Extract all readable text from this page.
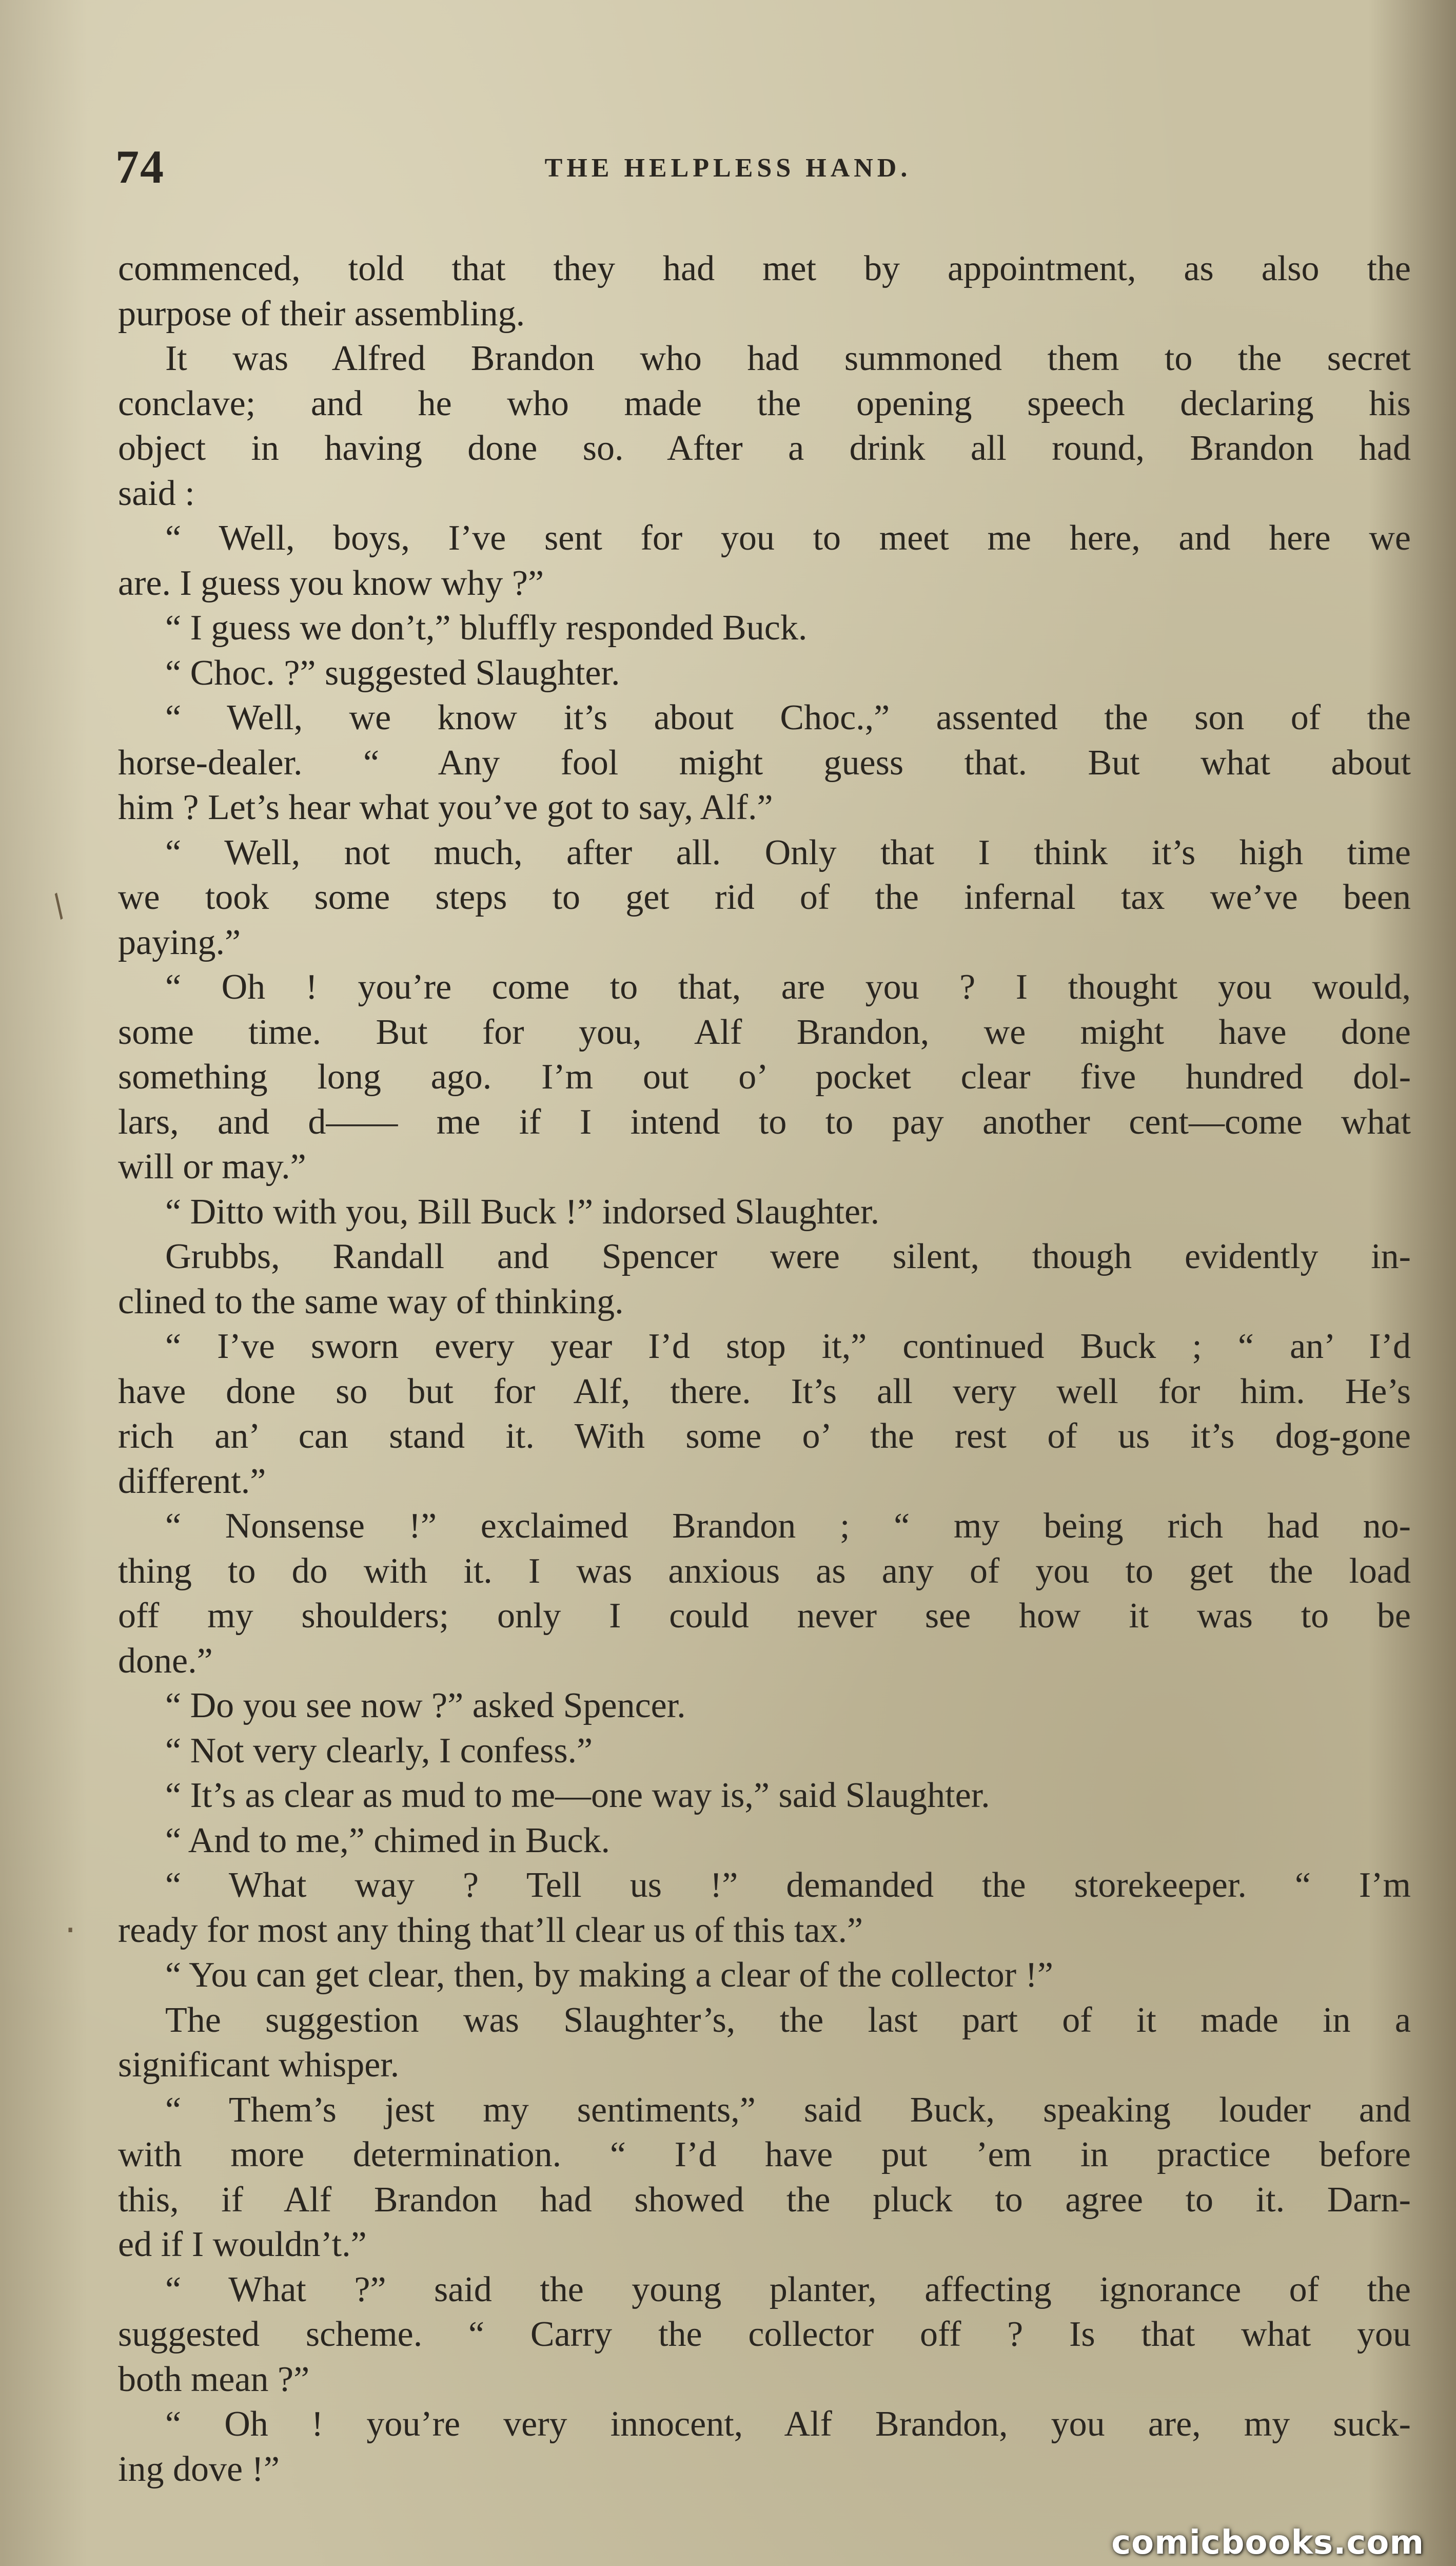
74	THE HELPLESS HAND.
commenced, told that they had met by appointment, as also the
purpose of their assembling.
It was Alfred Brandon who had summoned them to the secret
conclave; and he who made the opening speech declaring his
object in having done so. After a drink all round, Brandon had
said :
“ Well, boys, I’ve sent for you to meet me here, and here we
are. I guess you know why ?”
“ I guess we don’t,” bluffly responded Buck.
“ Choc. ?” suggested Slaughter.
“ Well, we know it’s about Choc.,” assented the son of the
horse-dealer. “ Any fool might guess that. But what about
him ? Let’s hear what you’ve got to say, Alf.”
“ Well, not much, after all. Only that I think it’s high time
we took some steps to get rid of the infernal tax we’ve been
paying.”
“ Oh ! you’re come to that, are you ? I thought you would,
some time. But for you, Alf Brandon, we might have done
something long ago. I’m out o’ pocket clear five hundred dol-
lars, and d—— me if I intend to to pay another cent—come what
will or may.”
“ Ditto with you, Bill Buck !” indorsed Slaughter.
Grubbs, Randall and Spencer were silent, though evidently in-
clined to the same way of thinking.
“ I’ve sworn every year I’d stop it,” continued Buck ; “ an’ I’d
have done so but for Alf, there. It’s all very well for him. He’s
rich an’ can stand it. With some o’ the rest of us it’s dog-gone
different.”
“ Nonsense !” exclaimed Brandon ; “ my being rich had no-
thing to do with it. I was anxious as any of you to get the load
off my shoulders; only I could never see how it was to be
done.”
“ Do you see now ?” asked Spencer.
“ Not very clearly, I confess.”
“ It’s as clear as mud to me—one way is,” said Slaughter.
“ And to me,” chimed in Buck.
“ What way ? Tell us !” demanded the storekeeper. “ I’m
ready for most any thing that’ll clear us of this tax.”
“ You can get clear, then, by making a clear of the collector !”
The suggestion was Slaughter’s, the last part of it made in a
significant whisper.
“ Them’s jest my sentiments,” said Buck, speaking louder and
with more determination. “ I’d have put ’em in practice before
this, if Alf Brandon had showed the pluck to agree to it. Darn-
ed if I wouldn’t.”
“ What ?” said the young planter, affecting ignorance of the
suggested scheme. “ Carry the collector off ? Is that what you
both mean ?”
“ Oh ! you’re very innocent, Alf Brandon, you are, my suck-
ing dove !”
/
·
comicbooks.com
